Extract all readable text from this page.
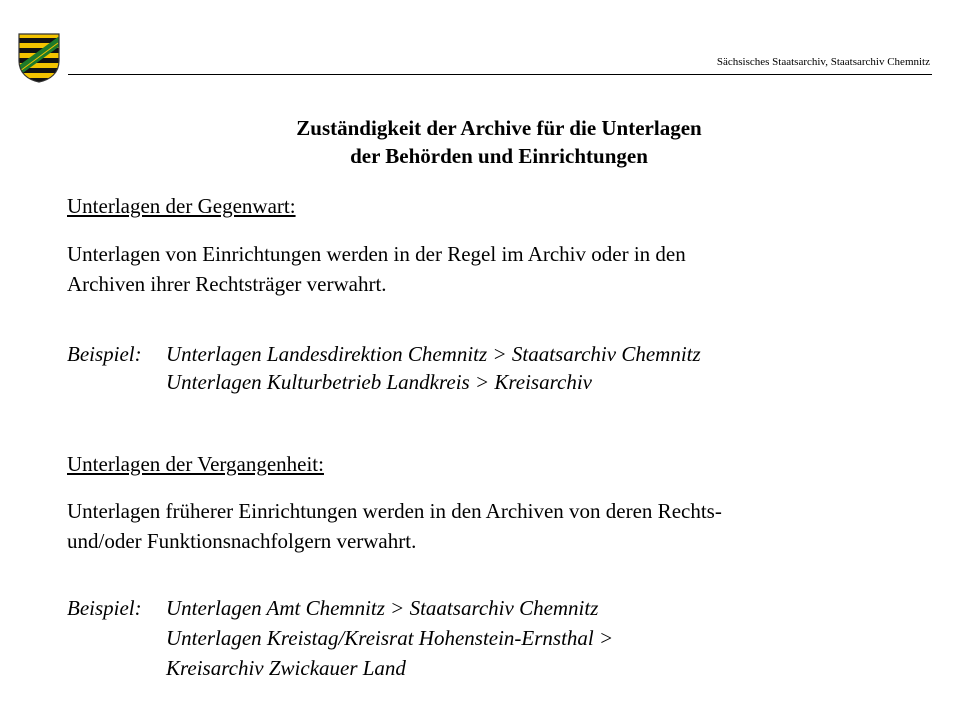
Sächsisches Staatsarchiv, Staatsarchiv Chemnitz
Zuständigkeit der Archive für die Unterlagen
der Behörden und Einrichtungen
Unterlagen der Gegenwart:
Unterlagen von Einrichtungen werden in der Regel im Archiv oder in den
Archiven ihrer Rechtsträger verwahrt.
Beispiel: Unterlagen Landesdirektion Chemnitz > Staatsarchiv Chemnitz
Unterlagen Kulturbetrieb Landkreis > Kreisarchiv
Unterlagen der Vergangenheit:
Unterlagen früherer Einrichtungen werden in den Archiven von deren Rechts-
und/oder Funktionsnachfolgern verwahrt.
Beispiel: Unterlagen Amt Chemnitz > Staatsarchiv Chemnitz
Unterlagen Kreistag/Kreisrat Hohenstein-Ernsthal >
Kreisarchiv Zwickauer Land
